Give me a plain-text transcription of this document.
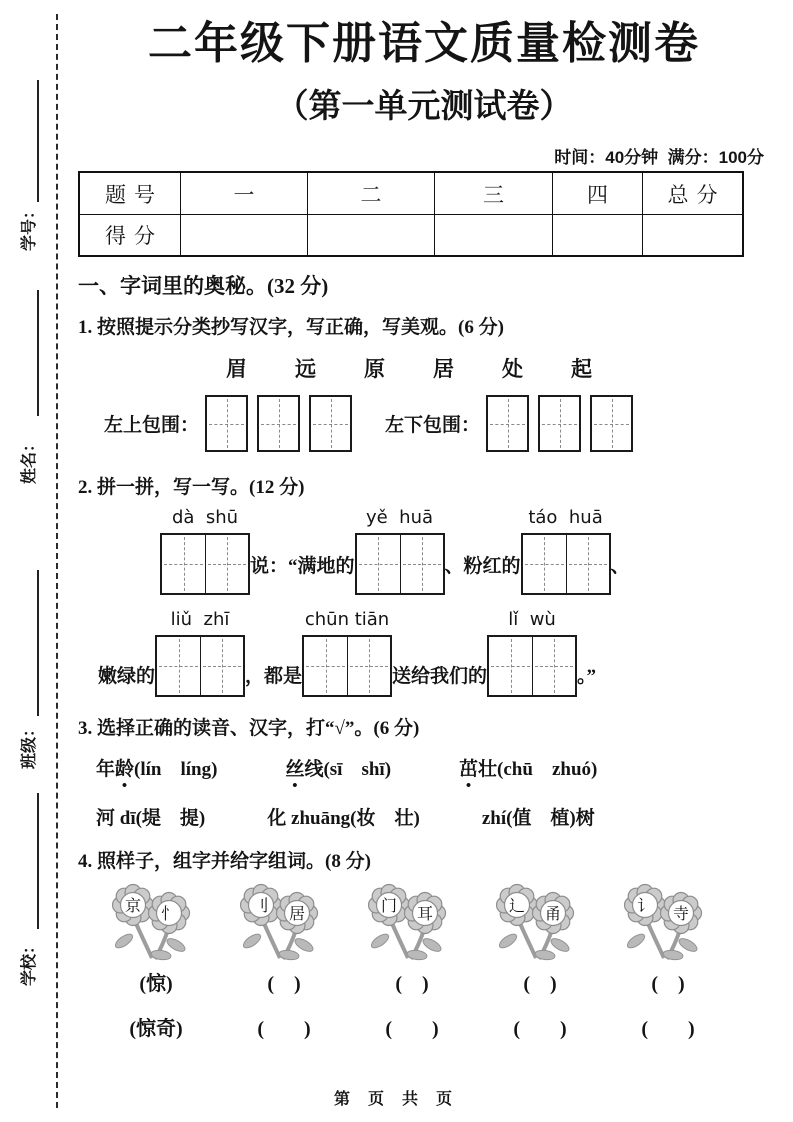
学号：
姓名：
班级：
学校：
二年级下册语文质量检测卷
（第一单元测试卷）
时间：40分钟  满分：100分
题号	一	二	三	四	总分
得分
一、字词里的奥秘。(32 分)
1. 按照提示分类抄写汉字，写正确，写美观。(6 分)
眉 远 原 居 处 起
左上包围：	左下包围：
2. 拼一拼，写一写。(12 分)
dà  shū
说：“满地的
yě  huā
、粉红的
táo  huā
、
嫩绿的
liǔ  zhī
，都是
chūn tiān
送给我们的
lǐ  wù
。”
3. 选择正确的读音、汉字，打“√”。(6 分)
年龄(lín　líng)	丝线(sī　shī)	茁壮(chū　zhuó)
河 dī(堤　提)	化 zhuāng(妆　壮)	zhí(值　植)树
4. 照样子，组字并给字组词。(8 分)
京 忄	刂 居	门 耳	辶 甬	讠 寺
(惊)	(　)	(　)	(　)	(　)
(惊奇)	(　　)	(　　)	(　　)	(　　)
第 页 共 页
